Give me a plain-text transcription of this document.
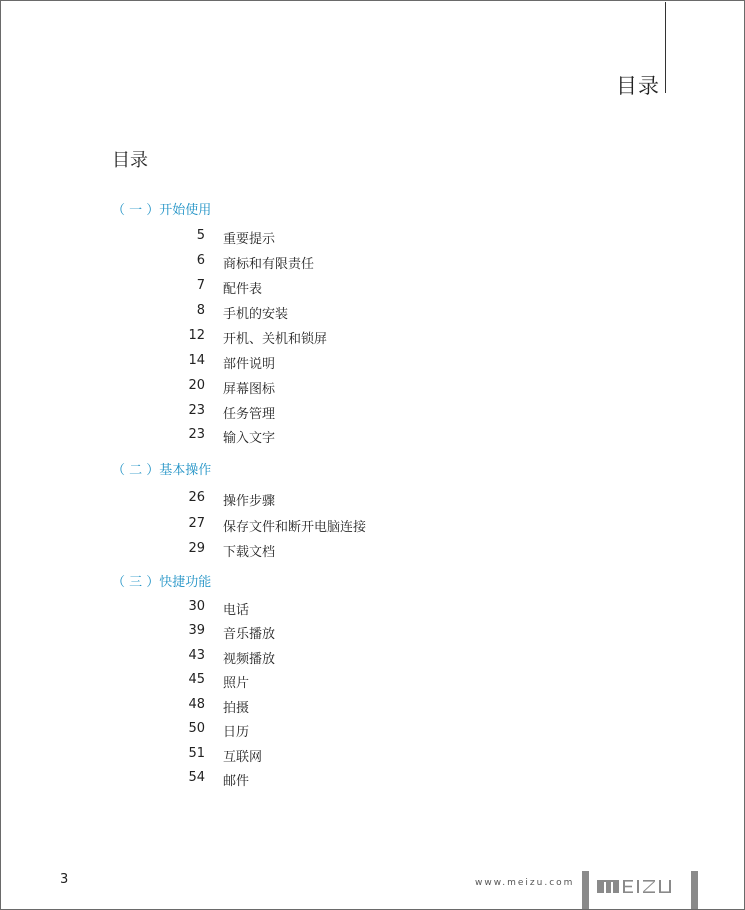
目录
目录
（ 一 ）开始使用
5 重要提示
6 商标和有限责任
7 配件表
8 手机的安装
12 开机、关机和锁屏
14 部件说明
20 屏幕图标
23 任务管理
23 输入文字
（ 二 ）基本操作
26 操作步骤
27 保存文件和断开电脑连接
29 下载文档
（ 三 ）快捷功能
30 电话
39 音乐播放
43 视频播放
45 照片
48 拍摄
50 日历
51 互联网
54 邮件
3	www.meizu.com
